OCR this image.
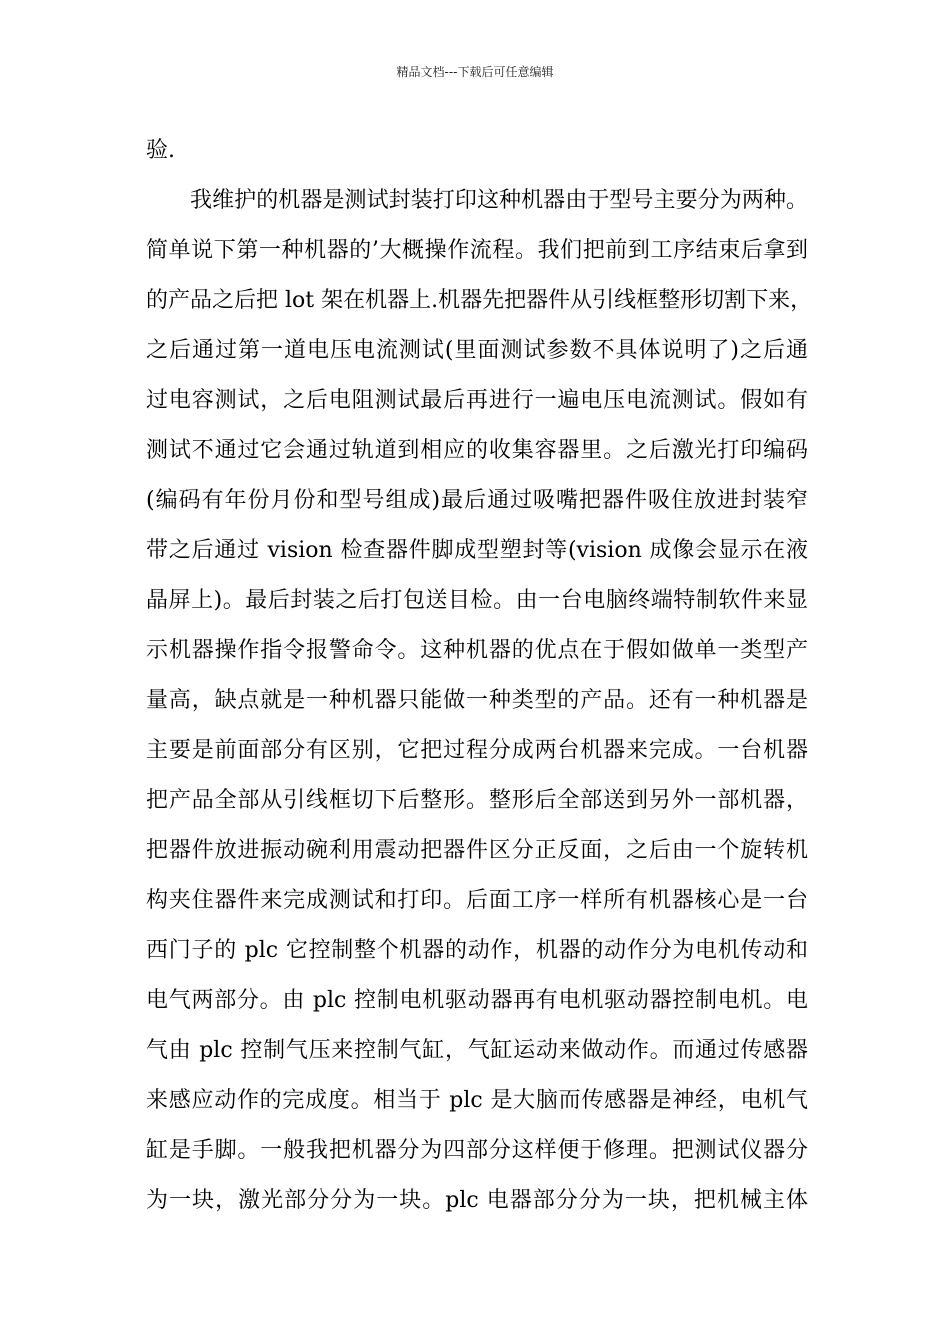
精品文档---下载后可任意编辑
验.
我维护的机器是测试封装打印这种机器由于型号主要分为两种。
简单说下第一种机器的’大概操作流程。我们把前到工序结束后拿到
的产品之后把 lot 架在机器上.机器先把器件从引线框整形切割下来，
之后通过第一道电压电流测试(里面测试参数不具体说明了)之后通
过电容测试，之后电阻测试最后再进行一遍电压电流测试。假如有
测试不通过它会通过轨道到相应的收集容器里。之后激光打印编码
(编码有年份月份和型号组成)最后通过吸嘴把器件吸住放进封装窄
带之后通过 vision 检查器件脚成型塑封等(vision 成像会显示在液
晶屏上)。最后封装之后打包送目检。由一台电脑终端特制软件来显
示机器操作指令报警命令。这种机器的优点在于假如做单一类型产
量高，缺点就是一种机器只能做一种类型的产品。还有一种机器是
主要是前面部分有区别，它把过程分成两台机器来完成。一台机器
把产品全部从引线框切下后整形。整形后全部送到另外一部机器，
把器件放进振动碗利用震动把器件区分正反面，之后由一个旋转机
构夹住器件来完成测试和打印。后面工序一样所有机器核心是一台
西门子的 plc 它控制整个机器的动作，机器的动作分为电机传动和
电气两部分。由 plc 控制电机驱动器再有电机驱动器控制电机。电
气由 plc 控制气压来控制气缸，气缸运动来做动作。而通过传感器
来感应动作的完成度。相当于 plc 是大脑而传感器是神经，电机气
缸是手脚。一般我把机器分为四部分这样便于修理。把测试仪器分
为一块，激光部分分为一块。plc 电器部分分为一块，把机械主体
